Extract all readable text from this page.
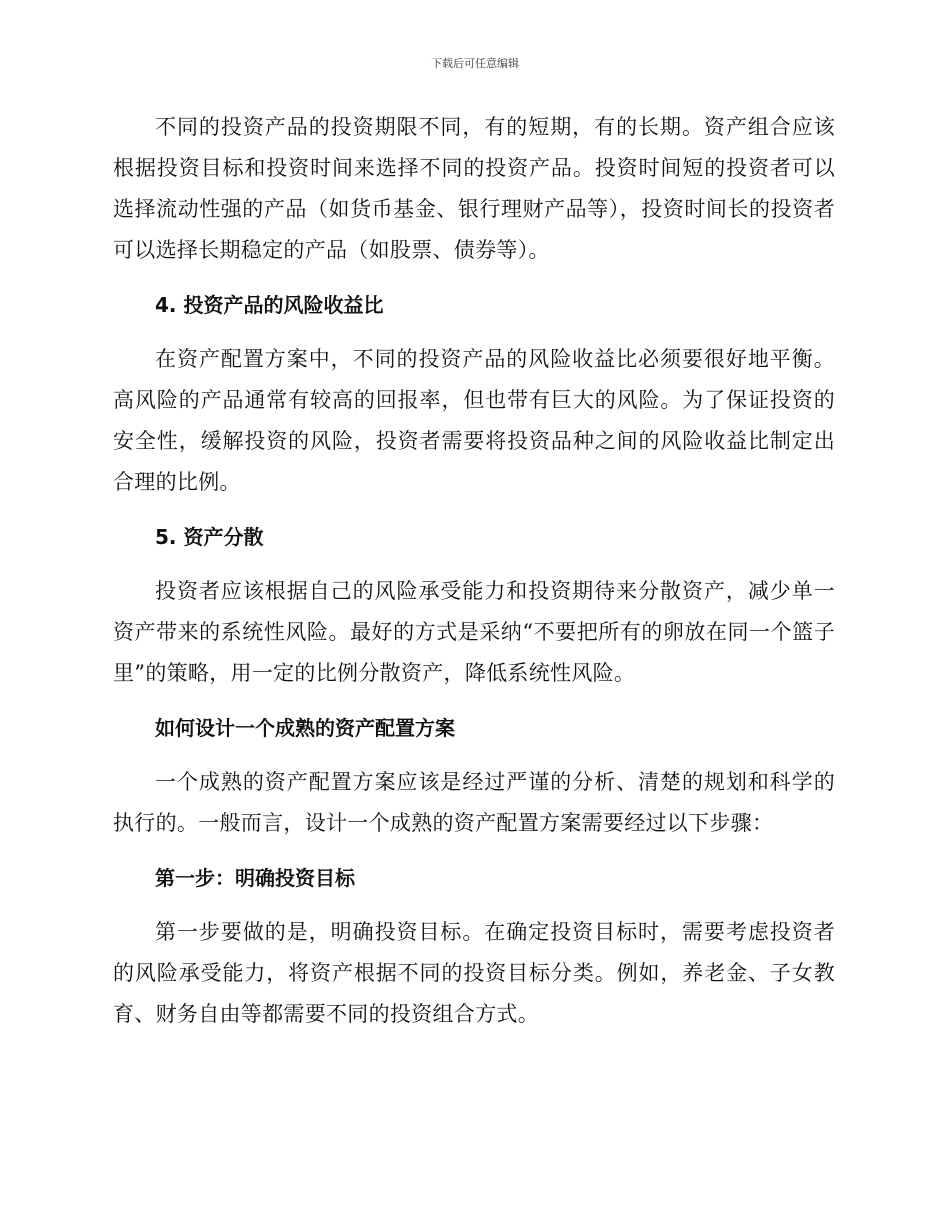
下载后可任意编辑

不同的投资产品的投资期限不同，有的短期，有的长期。资产组合应该根据投资目标和投资时间来选择不同的投资产品。投资时间短的投资者可以选择流动性强的产品（如货币基金、银行理财产品等），投资时间长的投资者可以选择长期稳定的产品（如股票、债券等）。

4. 投资产品的风险收益比

在资产配置方案中，不同的投资产品的风险收益比必须要很好地平衡。高风险的产品通常有较高的回报率，但也带有巨大的风险。为了保证投资的安全性，缓解投资的风险，投资者需要将投资品种之间的风险收益比制定出合理的比例。

5. 资产分散

投资者应该根据自己的风险承受能力和投资期待来分散资产，减少单一资产带来的系统性风险。最好的方式是采纳“不要把所有的卵放在同一个篮子里”的策略，用一定的比例分散资产，降低系统性风险。

如何设计一个成熟的资产配置方案

一个成熟的资产配置方案应该是经过严谨的分析、清楚的规划和科学的执行的。一般而言，设计一个成熟的资产配置方案需要经过以下步骤：

第一步：明确投资目标

第一步要做的是，明确投资目标。在确定投资目标时，需要考虑投资者的风险承受能力，将资产根据不同的投资目标分类。例如，养老金、子女教育、财务自由等都需要不同的投资组合方式。
